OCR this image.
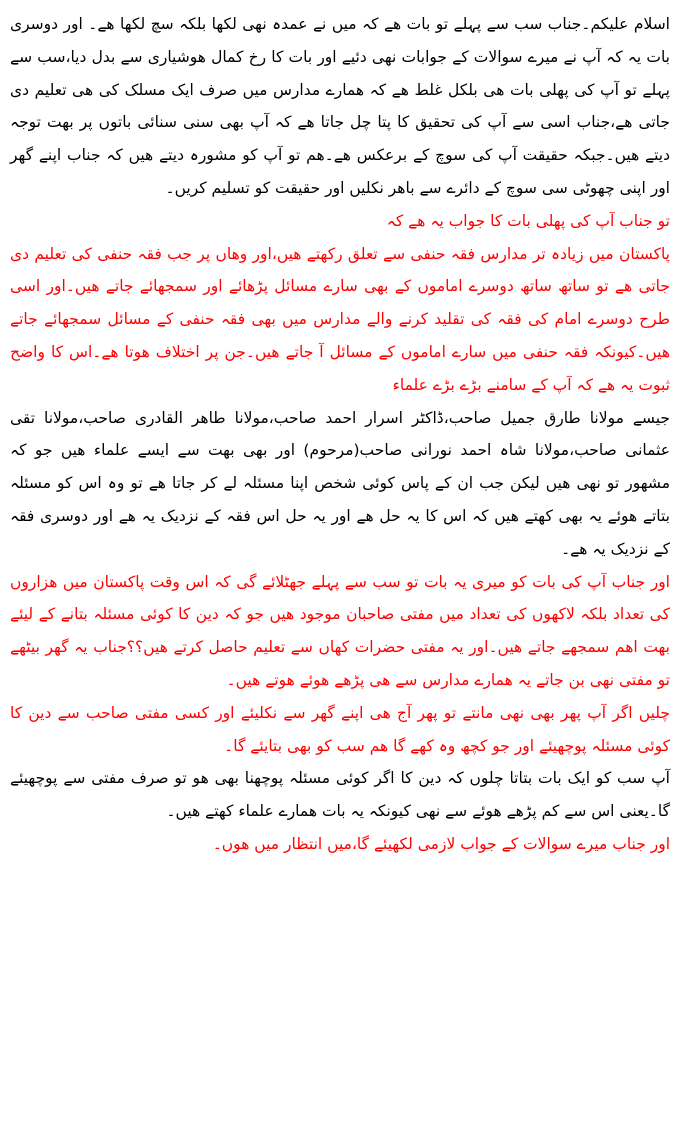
اسلام علیکم۔جناب سب سے پہلے تو بات ھے کہ میں نے عمدہ نھی لکھا بلکہ سچ لکھا ھے۔ اور دوسری بات یہ کہ آپ نے میرے سوالات کے جوابات نھی دئیے اور بات کا رخ کمال ھوشیاری سے بدل دیا،سب سے پہلے تو آپ کی پھلی بات ھی بلکل غلط ھے کہ ھمارے مدارس میں صرف ایک مسلک کی ھی تعلیم دی جاتی ھے،جناب اسی سے آپ کی تحقیق کا پتا چل جاتا ھے کہ آپ بھی سنی سنائی باتوں پر بھت توجہ دیتے ھیں۔جبکہ حقیقت آپ کی سوچ کے برعکس ھے۔ھم تو آپ کو مشورہ دیتے ھیں کہ جناب اپنے گھر اور اپنی چھوٹی سی سوچ کے دائرے سے باھر نکلیں اور حقیقت کو تسلیم کریں۔

تو جناب آپ کی پھلی بات کا جواب یہ ھے کہ

پاکستان میں زیادہ تر مدارس فقہ حنفی سے تعلق رکھتے ھیں،اور وھاں پر جب فقہ حنفی کی تعلیم دی جاتی ھے تو ساتھ ساتھ دوسرے اماموں کے بھی سارے مسائل پڑھائے اور سمجھائے جاتے ھیں۔اور اسی طرح دوسرے امام کی فقہ کی تقلید کرنے والے مدارس میں بھی فقہ حنفی کے مسائل سمجھائے جاتے ھیں۔کیونکہ فقہ حنفی میں سارے اماموں کے مسائل آ جاتے ھیں۔جن پر اختلاف ھوتا ھے۔اس کا واضح ثبوت یہ ھے کہ آپ کے سامنے بڑے بڑے علماء

جیسے مولانا طارق جمیل صاحب،ڈاکٹر اسرار احمد صاحب،مولانا طاھر القادری صاحب،مولانا تقی عثمانی صاحب،مولانا شاہ احمد نورانی صاحب(مرحوم) اور بھی بھت سے ایسے علماء ھیں جو کہ مشھور تو نھی ھیں لیکن جب ان کے پاس کوئی شخص اپنا مسئلہ لے کر جاتا ھے تو وہ اس کو مسئلہ بتاتے ھوئے یہ بھی کھتے ھیں کہ اس کا یہ حل ھے اور یہ حل اس فقہ کے نزدیک یہ ھے اور دوسری فقہ کے نزدیک یہ ھے۔

اور جناب آپ کی بات کو میری یہ بات تو سب سے پہلے جھٹلائے گی کہ اس وقت پاکستان میں ھزاروں کی تعداد بلکہ لاکھوں کی تعداد میں مفتی صاحبان موجود ھیں جو کہ دین کا کوئی مسئلہ بتانے کے لیئے بھت اھم سمجھے جاتے ھیں۔اور یہ مفتی حضرات کھاں سے تعلیم حاصل کرتے ھیں؟؟جناب یہ گھر بیٹھے تو مفتی نھی بن جاتے یہ ھمارے مدارس سے ھی پڑھے ھوئے ھوتے ھیں۔

چلیں اگر آپ پھر بھی نھی مانتے تو پھر آج ھی اپنے گھر سے نکلیئے اور کسی مفتی صاحب سے دین کا کوئی مسئلہ پوچھیئے اور جو کچھ وہ کھے گا ھم سب کو بھی بتایئے گا۔

آپ سب کو ایک بات بتاتا چلوں کہ دین کا اگر کوئی مسئلہ پوچھنا بھی ھو تو صرف مفتی سے پوچھیئے گا۔یعنی اس سے کم پڑھے ھوئے سے نھی کیونکہ یہ بات ھمارے علماء کھتے ھیں۔

اور جناب میرے سوالات کے جواب لازمی لکھیئے گا،میں انتظار میں ھوں۔
